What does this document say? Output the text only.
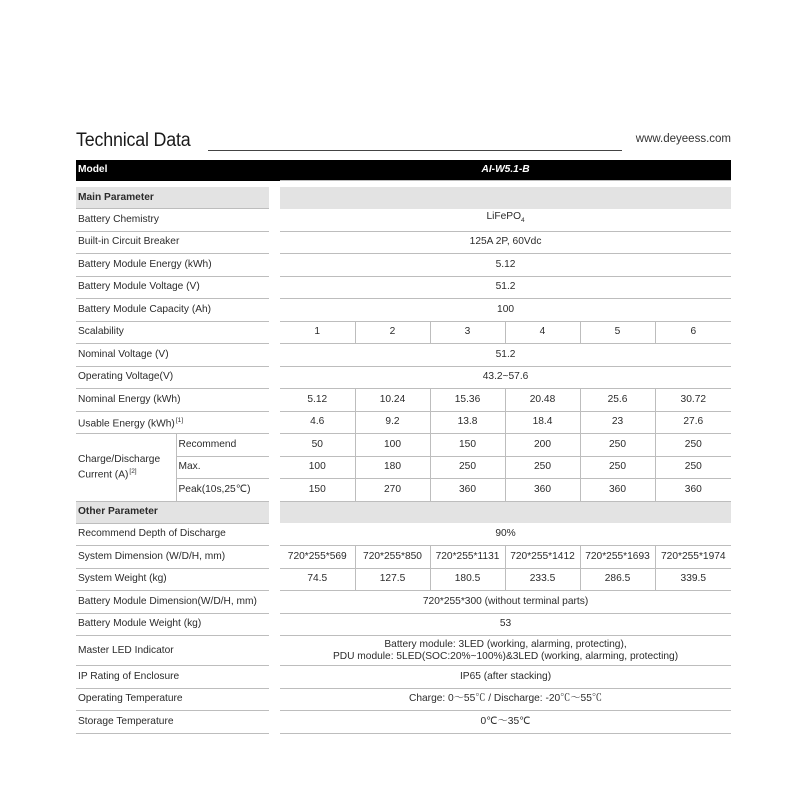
Technical Data	www.deyeess.com
Model			AI-W5.1-B					

Main Parameter								
Battery Chemistry			LiFePO$_4$
Built-in Circuit Breaker			125A 2P, 60Vdc					
Battery Module Energy (kWh)			5.12					
Battery Module Voltage (V)			51.2					
Battery Module Capacity (Ah)			100					
Scalability			1	2	3	4	5	6
Nominal Voltage (V)			51.2					
Operating Voltage(V)			43.2~57.6					
Nominal Energy (kWh)			5.12	10.24	15.36	20.48	25.6	30.72
Usable Energy (kWh)[1]			4.6	9.2	13.8	18.4	23	27.6

Charge/Discharge
Current (A)[2]	Recommend		50	100	150	200	250	250
	Max.		100	180	250	250	250	250
	Peak(10s,25℃)		150	270	360	360	360	360
Other Parameter								
Recommend Depth of Discharge			90%					
System Dimension (W/D/H, mm)			720*255*569	720*255*850	720*255*1131	720*255*1412	720*255*1693	720*255*1974
System Weight (kg)			74.5	127.5	180.5	233.5	286.5	339.5
Battery Module Dimension(W/D/H, mm)			720*255*300 (without terminal parts)					
Battery Module Weight (kg)			53					
Master LED Indicator			Battery module: 3LED (working, alarming, protecting),
PDU module: 5LED(SOC:20%~100%)&3LED (working, alarming, protecting)					

IP Rating of Enclosure			IP65 (after stacking)					
Operating Temperature			Charge: 0～55℃ / Discharge: -20℃～55℃					
Storage Temperature			0℃～35℃					
